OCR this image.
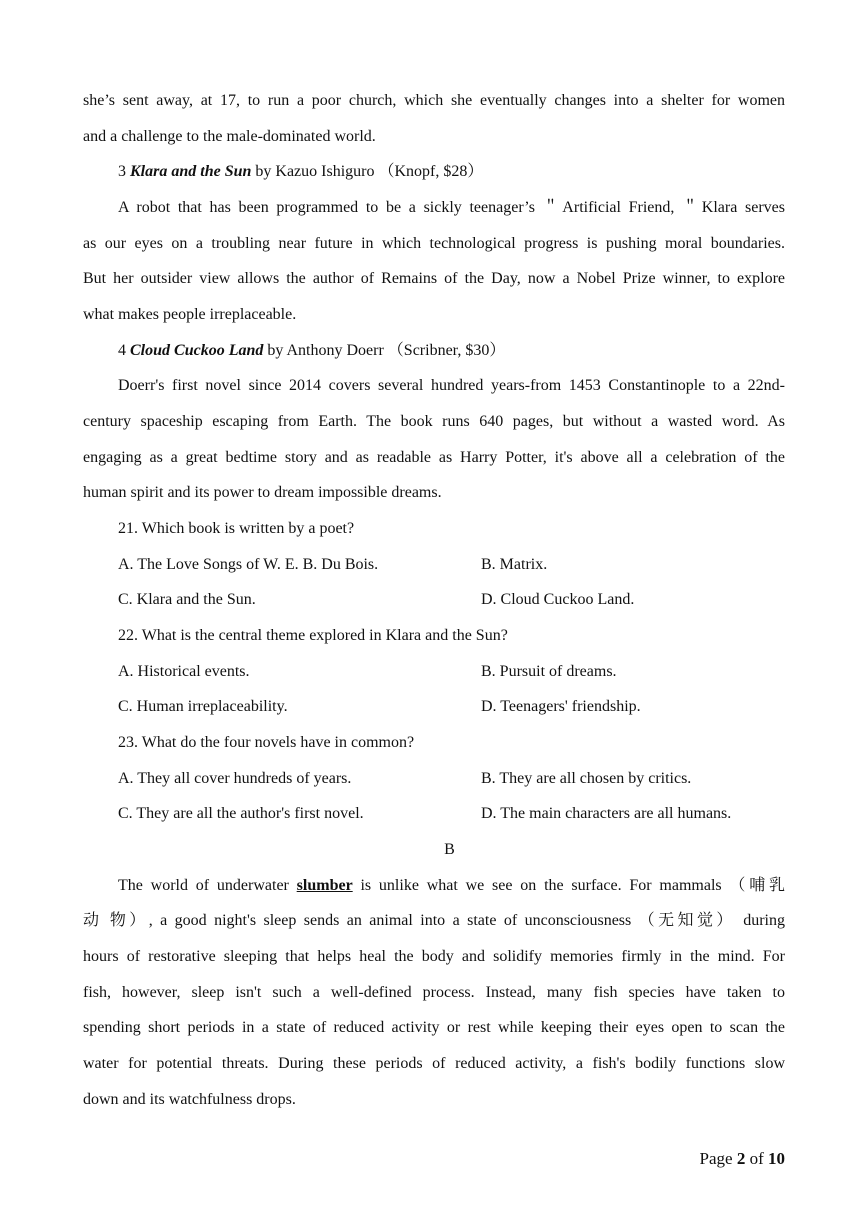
she’s sent away, at 17, to run a poor church, which she eventually changes into a shelter for women
and a challenge to the male-dominated world.
3 Klara and the Sun by Kazuo Ishiguro （Knopf, $28）
A robot that has been programmed to be a sickly teenager’s ＂Artificial Friend, ＂Klara serves
as our eyes on a troubling near future in which technological progress is pushing moral boundaries.
But her outsider view allows the author of Remains of the Day, now a Nobel Prize winner, to explore
what makes people irreplaceable.
4 Cloud Cuckoo Land by Anthony Doerr （Scribner, $30）
Doerr's first novel since 2014 covers several hundred years-from 1453 Constantinople to a 22nd-
century spaceship escaping from Earth. The book runs 640 pages, but without a wasted word. As
engaging as a great bedtime story and as readable as Harry Potter, it's above all a celebration of the
human spirit and its power to dream impossible dreams.
21. Which book is written by a poet?
A. The Love Songs of W. E. B. Du Bois.	B. Matrix.
C. Klara and the Sun.	D. Cloud Cuckoo Land.
22. What is the central theme explored in Klara and the Sun?
A. Historical events.	B. Pursuit of dreams.
C. Human irreplaceability.	D. Teenagers' friendship.
23. What do the four novels have in common?
A. They all cover hundreds of years.	B. They are all chosen by critics.
C. They are all the author's first novel.	D. The main characters are all humans.
B
The world of underwater slumber is unlike what we see on the surface. For mammals （哺乳
动 物）, a good night's sleep sends an animal into a state of unconsciousness （无知觉） during
hours of restorative sleeping that helps heal the body and solidify memories firmly in the mind. For
fish, however, sleep isn't such a well-defined process. Instead, many fish species have taken to
spending short periods in a state of reduced activity or rest while keeping their eyes open to scan the
water for potential threats. During these periods of reduced activity, a fish's bodily functions slow
down and its watchfulness drops.
Page 2 of 10
